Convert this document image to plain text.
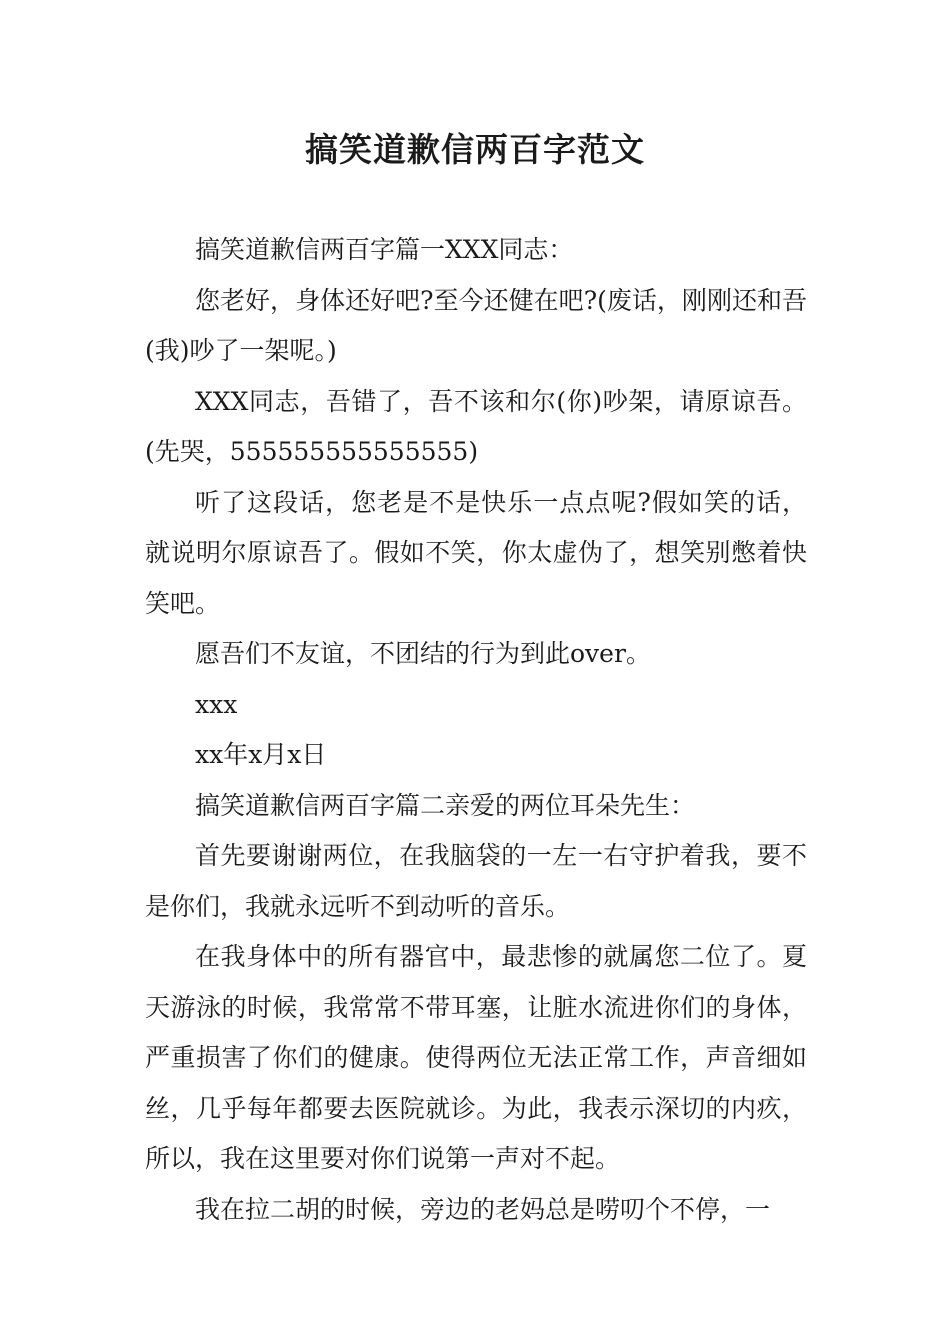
搞笑道歉信两百字范文

搞笑道歉信两百字篇一XXX同志：

您老好，身体还好吧?至今还健在吧?(废话，刚刚还和吾(我)吵了一架呢。)

XXX同志，吾错了，吾不该和尔(你)吵架，请原谅吾。(先哭，555555555555555)

听了这段话，您老是不是快乐一点点呢?假如笑的话，就说明尔原谅吾了。假如不笑，你太虚伪了，想笑别憋着快笑吧。

愿吾们不友谊，不团结的行为到此over。

xxx

xx年x月x日

搞笑道歉信两百字篇二亲爱的两位耳朵先生：

首先要谢谢两位，在我脑袋的一左一右守护着我，要不是你们，我就永远听不到动听的音乐。

在我身体中的所有器官中，最悲惨的就属您二位了。夏天游泳的时候，我常常不带耳塞，让脏水流进你们的身体，严重损害了你们的健康。使得两位无法正常工作，声音细如丝，几乎每年都要去医院就诊。为此，我表示深切的内疚，所以，我在这里要对你们说第一声对不起。

我在拉二胡的时候，旁边的老妈总是唠叨个不停，一
